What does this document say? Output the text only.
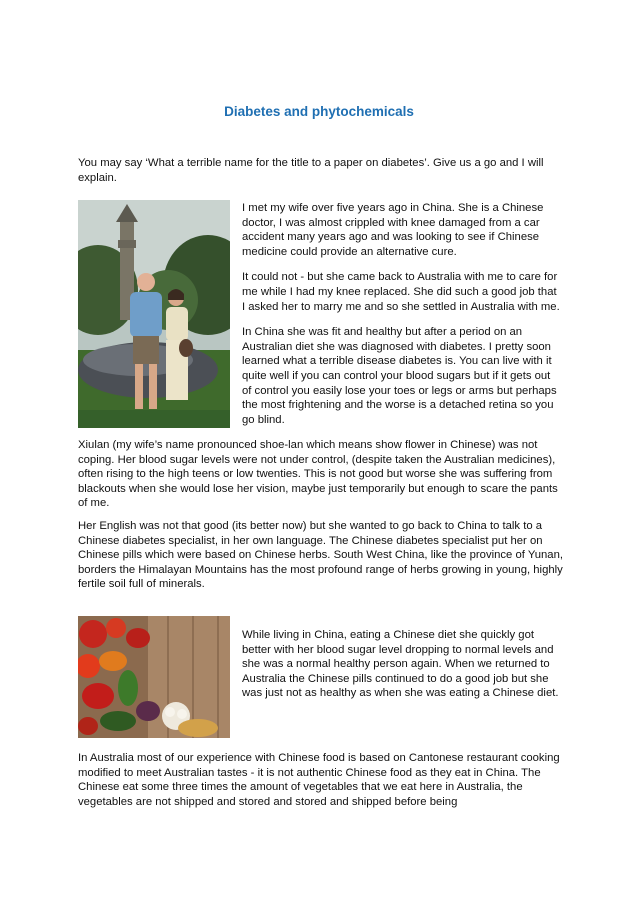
Diabetes and phytochemicals

You may say ‘What a terrible name for the title to a paper on diabetes’. Give us a go and I will explain.

I met my wife over five years ago in China. She is a Chinese doctor, I was almost crippled with knee damaged from a car accident many years ago and was looking to see if Chinese medicine could provide an alternative cure.

It could not - but she came back to Australia with me to care for me while I had my knee replaced. She did such a good job that I asked her to marry me and so she settled in Australia with me.

In China she was fit and healthy but after a period on an Australian diet she was diagnosed with diabetes. I pretty soon learned what a terrible disease diabetes is. You can live with it quite well if you can control your blood sugars but if it gets out of control you easily lose your toes or legs or arms but perhaps the most frightening and the worse is a detached retina so you go blind.

Xiulan (my wife’s name pronounced shoe-lan which means show flower in Chinese) was not coping. Her blood sugar levels were not under control, (despite taken the Australian medicines), often rising to the high teens or low twenties. This is not good but worse she was suffering from blackouts when she would lose her vision, maybe just temporarily but enough to scare the pants of me.

Her English was not that good (its better now) but she wanted to go back to China to talk to a Chinese diabetes specialist, in her own language. The Chinese diabetes specialist put her on Chinese pills which were based on Chinese herbs. South West China, like the province of Yunan, borders the Himalayan Mountains has the most profound range of herbs growing in young, highly fertile soil full of minerals.

While living in China, eating a Chinese diet she quickly got better with her blood sugar level dropping to normal levels and she was a normal healthy person again. When we returned to Australia the Chinese pills continued to do a good job but she was just not as healthy as when she was eating a Chinese diet.

In Australia most of our experience with Chinese food is based on Cantonese restaurant cooking modified to meet Australian tastes - it is not authentic Chinese food as they eat in China. The Chinese eat some three times the amount of vegetables that we eat here in Australia, the vegetables are not shipped and stored and stored and shipped before being
